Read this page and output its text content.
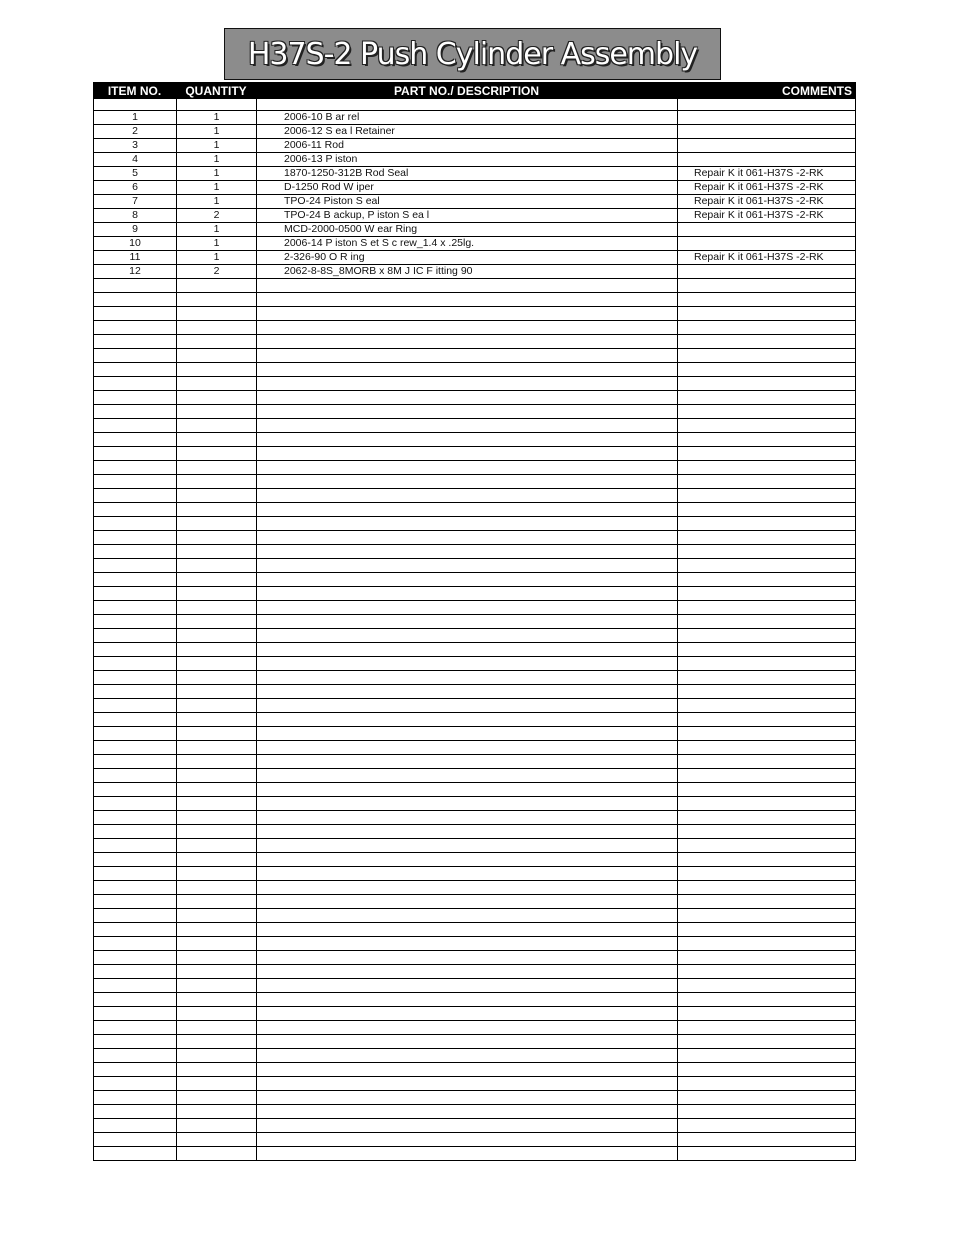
H37S-2 Push Cylinder Assembly
ITEM NO.	QUANTITY	PART NO./ DESCRIPTION	COMMENTS
1	1	2006-10 B ar rel
2	1	2006-12 S ea l Retainer
3	1	2006-11 Rod
4	1	2006-13 P iston
5	1	1870-1250-312B Rod Seal	Repair K it 061-H37S -2-RK
6	1	D-1250 Rod W iper	Repair K it 061-H37S -2-RK
7	1	TPO-24 Piston S eal	Repair K it 061-H37S -2-RK
8	2	TPO-24 B ackup, P iston S ea l	Repair K it 061-H37S -2-RK
9	1	MCD-2000-0500 W ear Ring
10	1	2006-14 P iston S et S c rew_1.4 x .25lg.
11	1	2-326-90 O R ing	Repair K it 061-H37S -2-RK
12	2	2062-8-8S_8MORB x 8M J IC F itting 90
